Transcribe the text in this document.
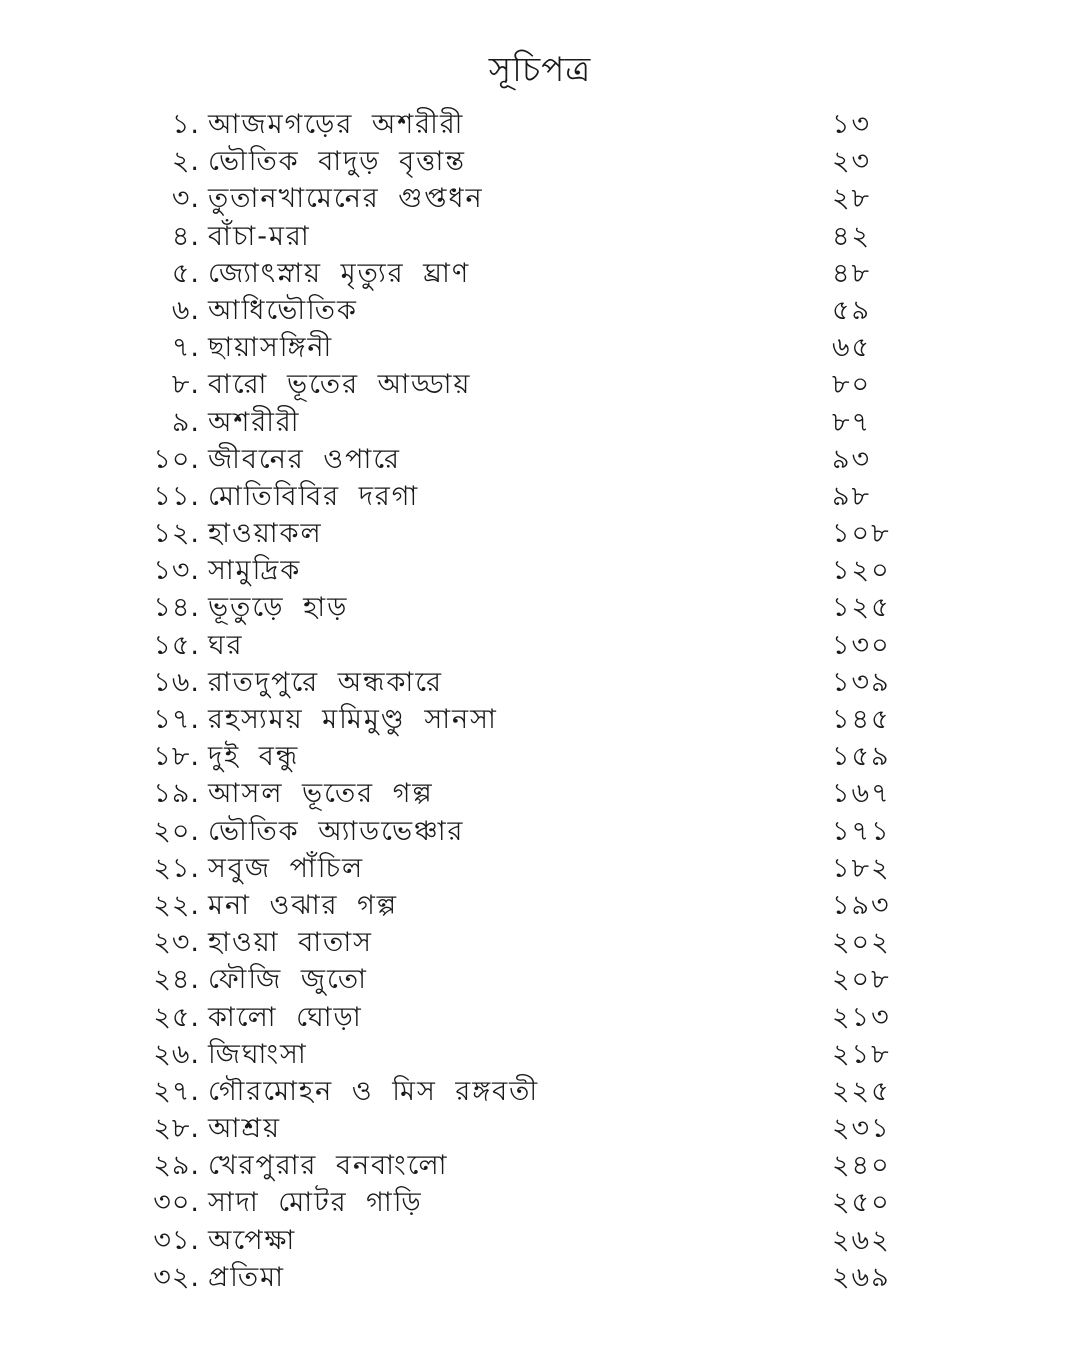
সূচিপত্র
১. আজমগড়ের অশরীরী	১৩
২. ভৌতিক বাদুড় বৃত্তান্ত	২৩
৩. তুতানখামেনের গুপ্তধন	২৮
৪. বাঁচা-মরা	৪২
৫. জ্যোৎস্নায় মৃত্যুর ঘ্রাণ	৪৮
৬. আধিভৌতিক	৫৯
৭. ছায়াসঙ্গিনী	৬৫
৮. বারো ভূতের আড্ডায়	৮০
৯. অশরীরী	৮৭
১০. জীবনের ওপারে	৯৩
১১. মোতিবিবির দরগা	৯৮
১২. হাওয়াকল	১০৮
১৩. সামুদ্রিক	১২০
১৪. ভূতুড়ে হাড়	১২৫
১৫. ঘর	১৩০
১৬. রাতদুপুরে অন্ধকারে	১৩৯
১৭. রহস্যময় মমিমুণ্ডু সানসা	১৪৫
১৮. দুই বন্ধু	১৫৯
১৯. আসল ভূতের গল্প	১৬৭
২০. ভৌতিক অ্যাডভেঞ্চার	১৭১
২১. সবুজ পাঁচিল	১৮২
২২. মনা ওঝার গল্প	১৯৩
২৩. হাওয়া বাতাস	২০২
২৪. ফৌজি জুতো	২০৮
২৫. কালো ঘোড়া	২১৩
২৬. জিঘাংসা	২১৮
২৭. গৌরমোহন ও মিস রঙ্গবতী	২২৫
২৮. আশ্রয়	২৩১
২৯. খেরপুরার বনবাংলো	২৪০
৩০. সাদা মোটর গাড়ি	২৫০
৩১. অপেক্ষা	২৬২
৩২. প্রতিমা	২৬৯
